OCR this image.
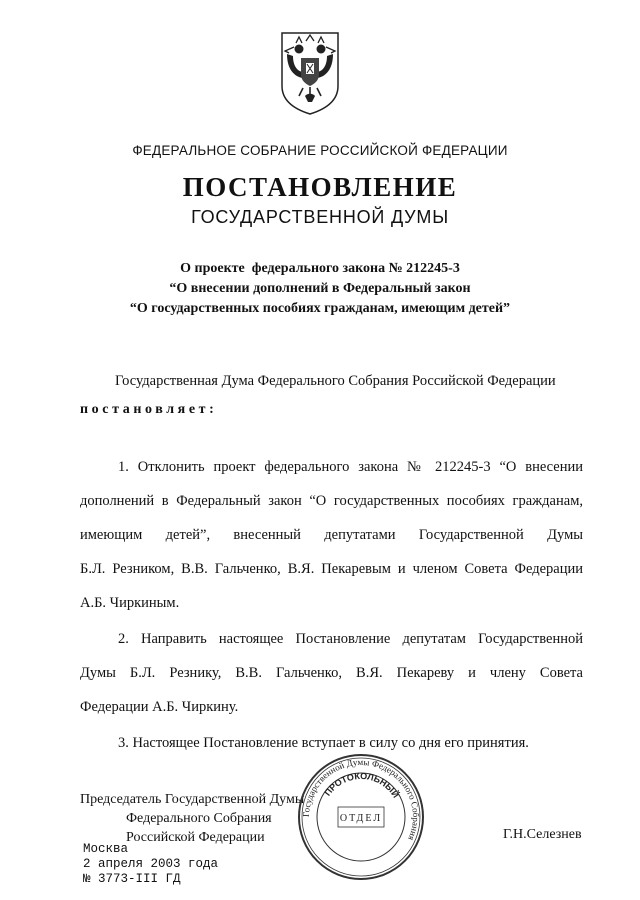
ФЕДЕРАЛЬНОЕ СОБРАНИЕ РОССИЙСКОЙ ФЕДЕРАЦИИ
ПОСТАНОВЛЕНИЕ
ГОСУДАРСТВЕННОЙ ДУМЫ
О проекте  федерального закона № 212245-3
“О внесении дополнений в Федеральный закон
“О государственных пособиях гражданам, имеющим детей”
Государственная Дума Федерального Собрания Российской Федерации
постановляет:
1. Отклонить проект федерального закона № 212245-3 “О внесении
дополнений в Федеральный закон “О государственных пособиях гражданам,
имеющим детей”, внесенный депутатами Государственной Думы
Б.Л. Резником, В.В. Гальченко, В.Я. Пекаревым и членом Совета Федерации
А.Б. Чиркиным.
2. Направить настоящее Постановление депутатам Государственной
Думы Б.Л. Резнику, В.В. Гальченко, В.Я. Пекареву и члену Совета
Федерации А.Б. Чиркину.
3. Настоящее Постановление вступает в силу со дня его принятия.
Председатель Государственной Думы
Федерального Собрания
Российской Федерации	Г.Н.Селезнев
Москва
2 апреля 2003 года
№ 3773-III ГД
Государственной Думы Федерального Собрания
ПРОТОКОЛЬНЫЙ
ОТДЕЛ
